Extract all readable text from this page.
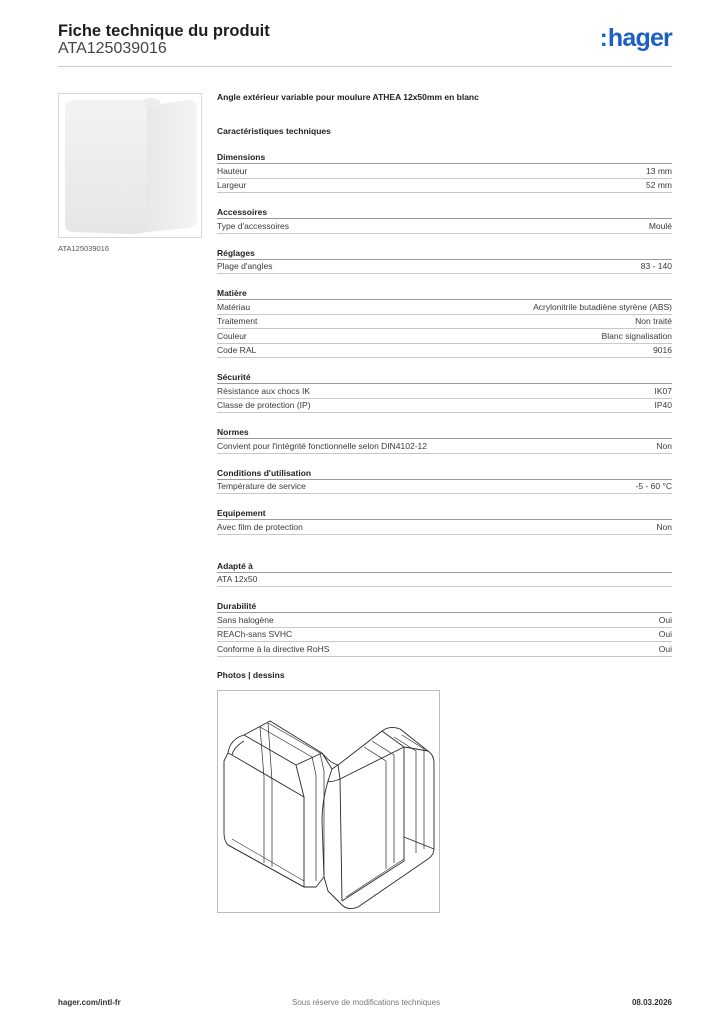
Fiche technique du produit
ATA125039016	:hager
ATA125039016
Angle extérieur variable pour moulure ATHEA 12x50mm en blanc
Caractéristiques techniques
Dimensions
Hauteur	13 mm
Largeur	52 mm
Accessoires
Type d'accessoires	Moulé
Réglages
Plage d'angles	83 - 140
Matière
Matériau	Acrylonitrile butadiène styrène (ABS)
Traitement	Non traité
Couleur	Blanc signalisation
Code RAL	9016
Sécurité
Résistance aux chocs IK	IK07
Classe de protection (IP)	IP40
Normes
Convient pour l'intégrité fonctionnelle selon DIN4102-12	Non
Conditions d'utilisation
Température de service	-5 - 60 °C
Equipement
Avec film de protection	Non
Adapté à
ATA 12x50
Durabilité
Sans halogène	Oui
REACh-sans SVHC	Oui
Conforme à la directive RoHS	Oui
Photos | dessins
hager.com/intl-fr	Sous réserve de modifications techniques	08.03.2026
